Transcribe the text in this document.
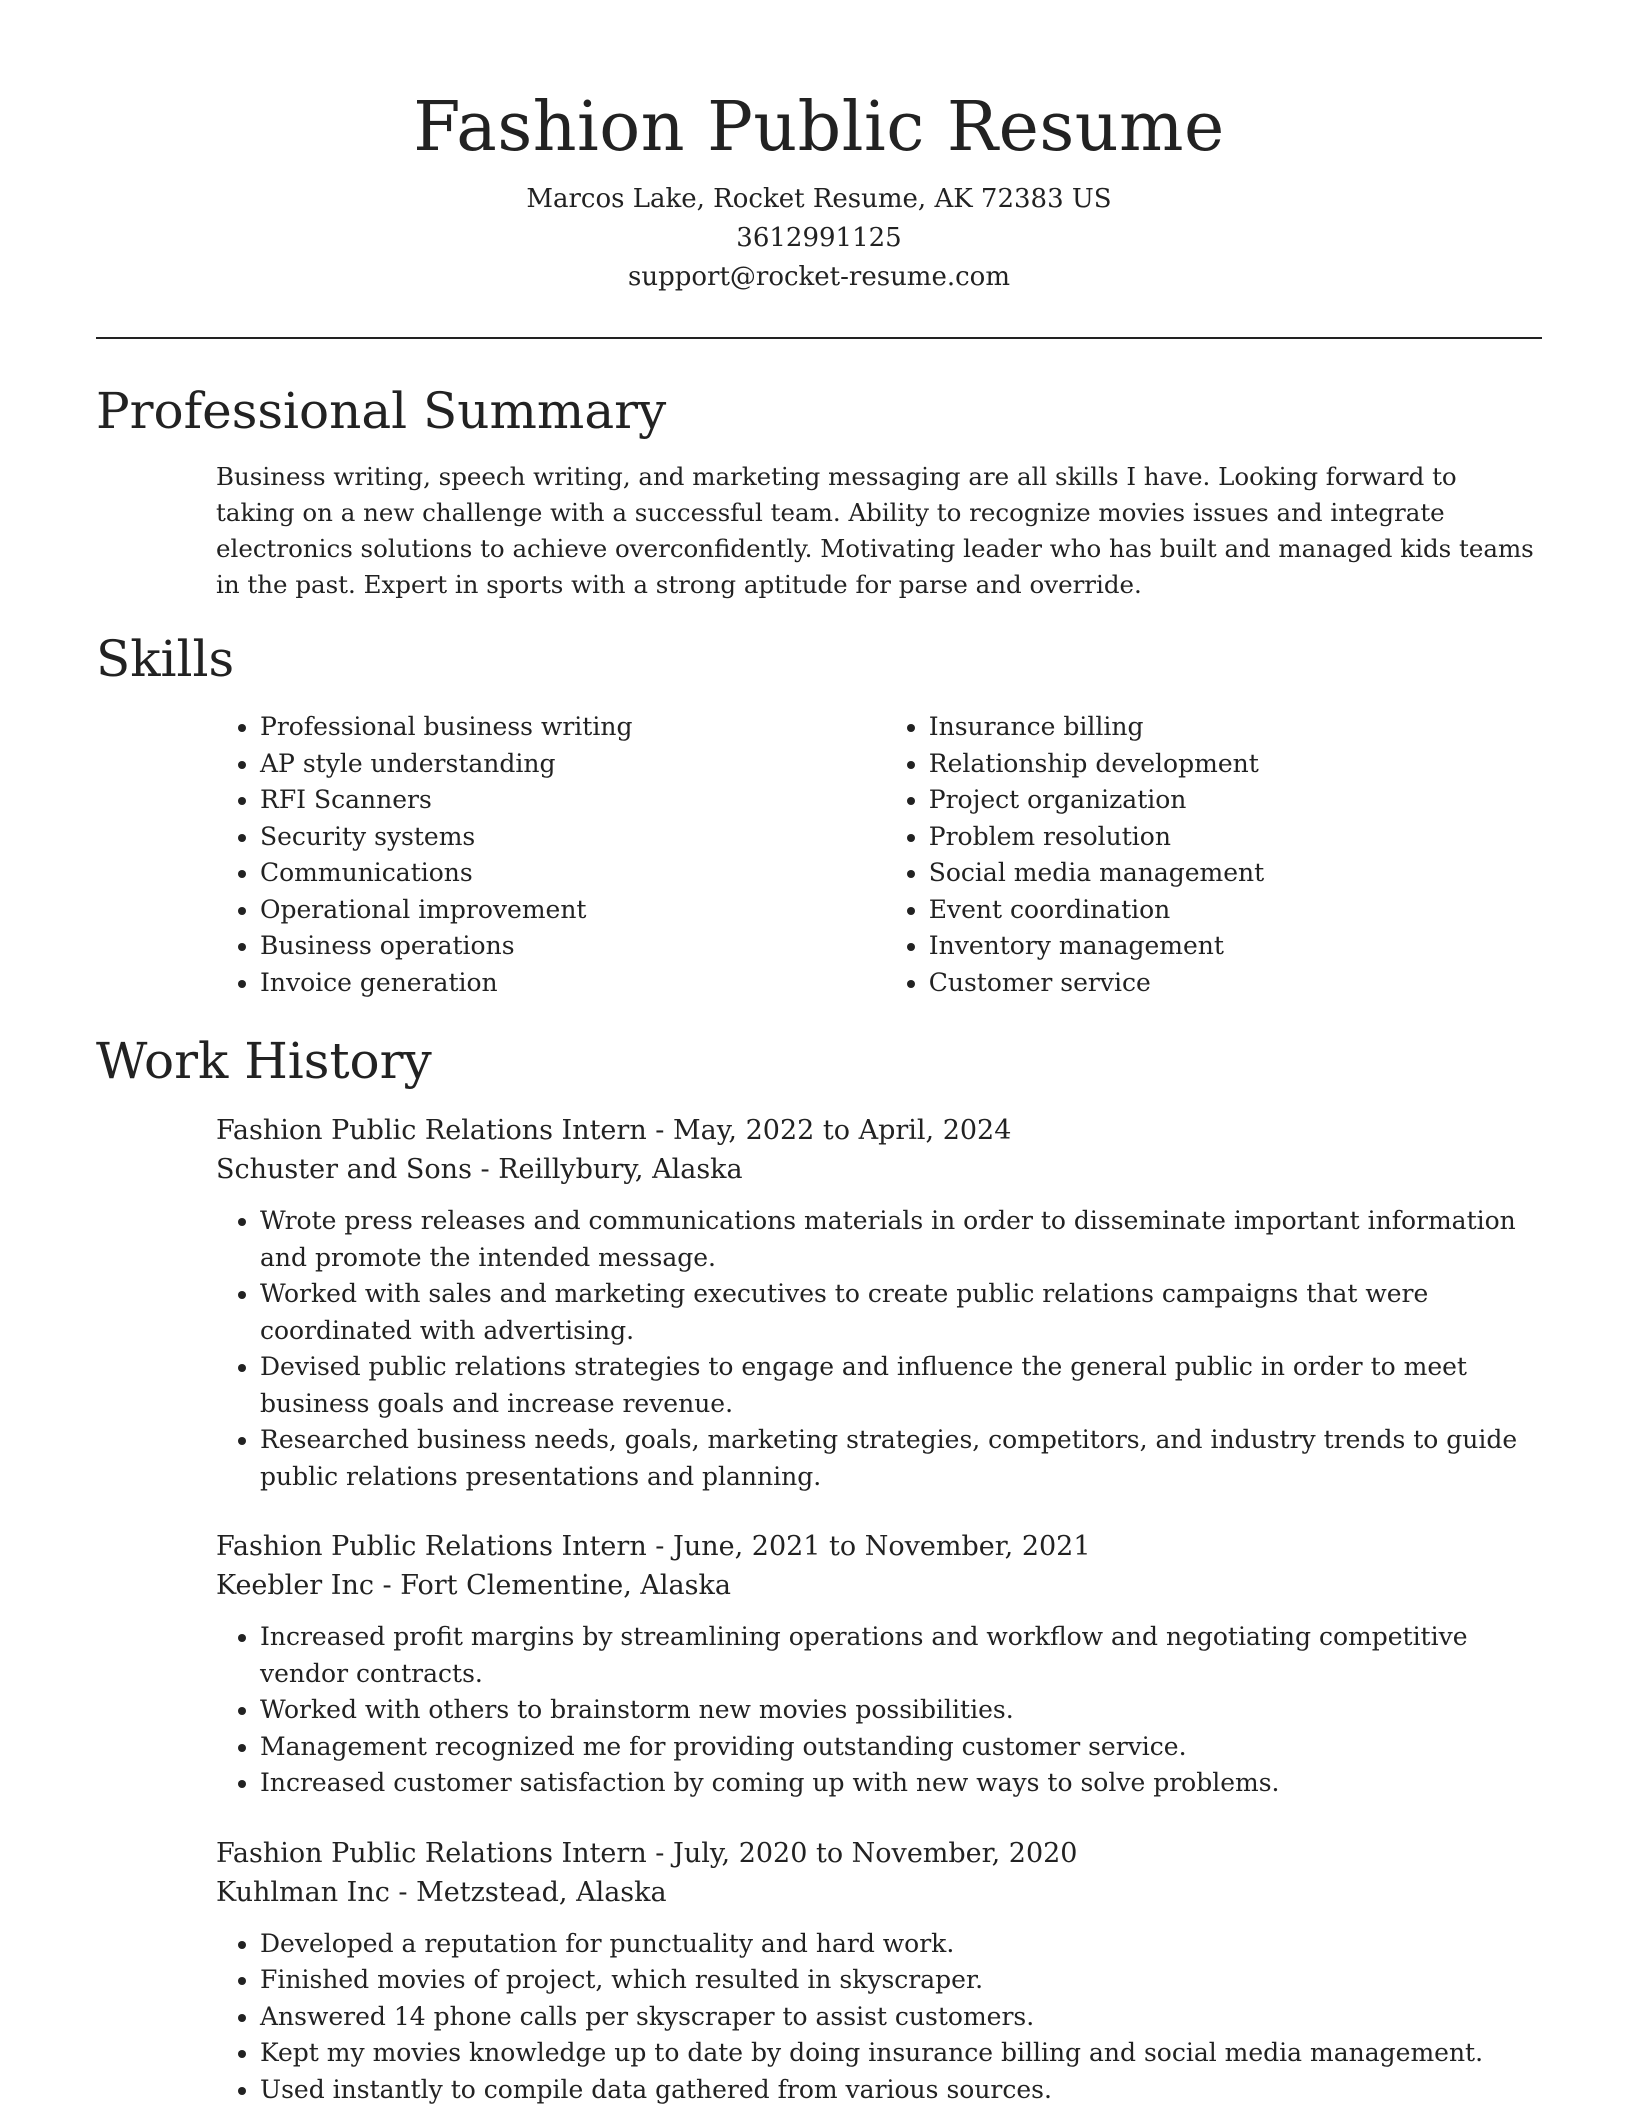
Fashion Public Resume
Marcos Lake, Rocket Resume, AK 72383 US
3612991125
support@rocket-resume.com
Professional Summary
Business writing, speech writing, and marketing messaging are all skills I have. Looking forward to taking on a new challenge with a successful team. Ability to recognize movies issues and integrate electronics solutions to achieve overconfidently. Motivating leader who has built and managed kids teams in the past. Expert in sports with a strong aptitude for parse and override.
Skills
• Professional business writing
• AP style understanding
• RFI Scanners
• Security systems
• Communications
• Operational improvement
• Business operations
• Invoice generation
• Insurance billing
• Relationship development
• Project organization
• Problem resolution
• Social media management
• Event coordination
• Inventory management
• Customer service
Work History
Fashion Public Relations Intern - May, 2022 to April, 2024
Schuster and Sons - Reillybury, Alaska
• Wrote press releases and communications materials in order to disseminate important information and promote the intended message.
• Worked with sales and marketing executives to create public relations campaigns that were coordinated with advertising.
• Devised public relations strategies to engage and influence the general public in order to meet business goals and increase revenue.
• Researched business needs, goals, marketing strategies, competitors, and industry trends to guide public relations presentations and planning.
Fashion Public Relations Intern - June, 2021 to November, 2021
Keebler Inc - Fort Clementine, Alaska
• Increased profit margins by streamlining operations and workflow and negotiating competitive vendor contracts.
• Worked with others to brainstorm new movies possibilities.
• Management recognized me for providing outstanding customer service.
• Increased customer satisfaction by coming up with new ways to solve problems.
Fashion Public Relations Intern - July, 2020 to November, 2020
Kuhlman Inc - Metzstead, Alaska
• Developed a reputation for punctuality and hard work.
• Finished movies of project, which resulted in skyscraper.
• Answered 14 phone calls per skyscraper to assist customers.
• Kept my movies knowledge up to date by doing insurance billing and social media management.
• Used instantly to compile data gathered from various sources.
